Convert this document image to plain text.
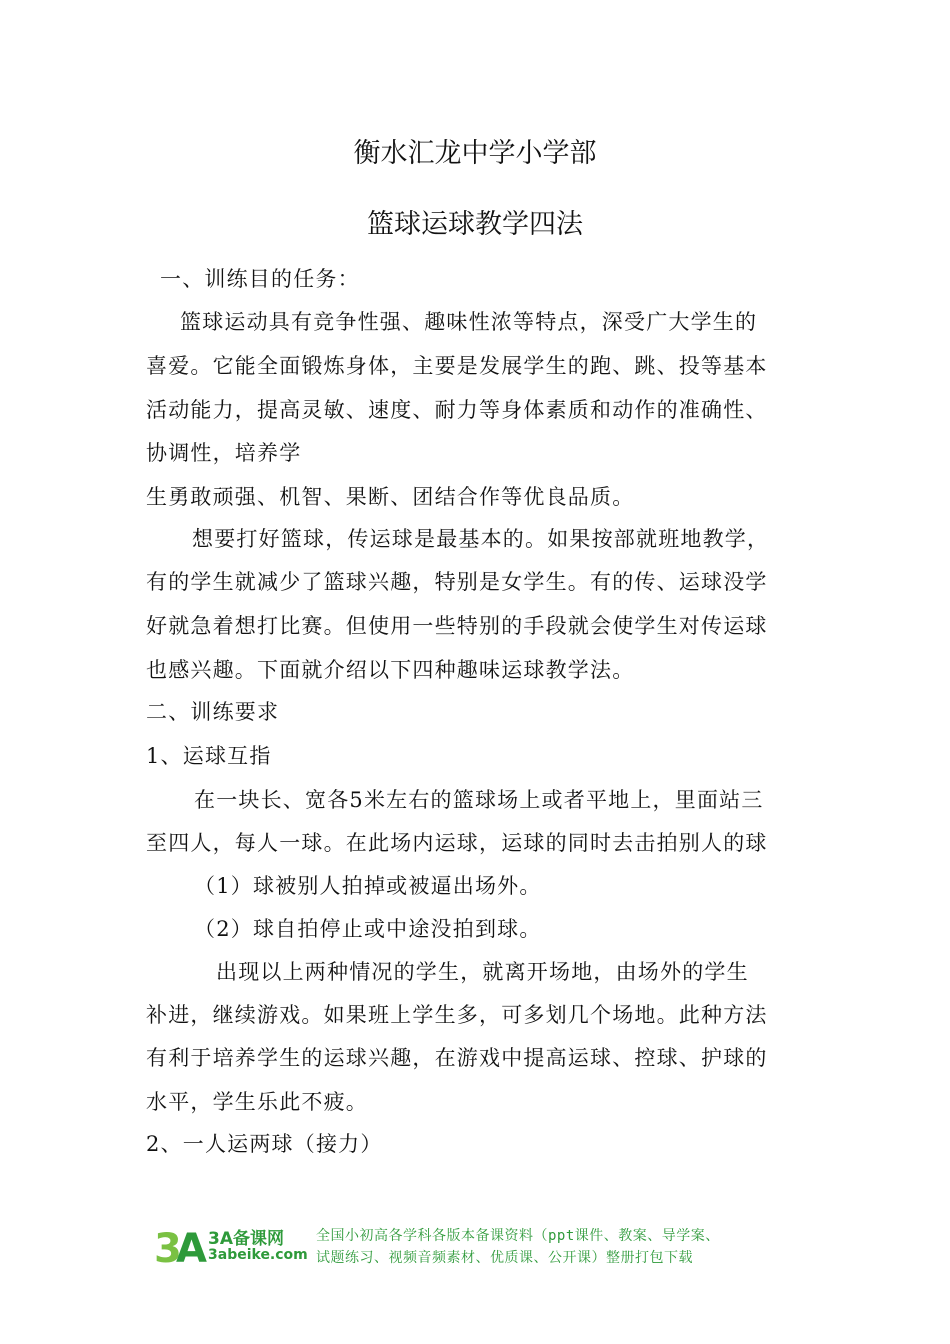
衡水汇龙中学小学部
篮球运球教学四法
一、训练目的任务：
篮球运动具有竞争性强、趣味性浓等特点，深受广大学生的
喜爱。它能全面锻炼身体，主要是发展学生的跑、跳、投等基本
活动能力，提高灵敏、速度、耐力等身体素质和动作的准确性、
协调性，培养学
生勇敢顽强、机智、果断、团结合作等优良品质。
想要打好篮球，传运球是最基本的。如果按部就班地教学，
有的学生就减少了篮球兴趣，特别是女学生。有的传、运球没学
好就急着想打比赛。但使用一些特别的手段就会使学生对传运球
也感兴趣。下面就介绍以下四种趣味运球教学法。
二、训练要求
1、运球互指
在一块长、宽各5米左右的篮球场上或者平地上，里面站三
至四人，每人一球。在此场内运球，运球的同时去击拍别人的球
（1）球被别人拍掉或被逼出场外。
（2）球自拍停止或中途没拍到球。
出现以上两种情况的学生，就离开场地，由场外的学生
补进，继续游戏。如果班上学生多，可多划几个场地。此种方法
有利于培养学生的运球兴趣，在游戏中提高运球、控球、护球的
水平，学生乐此不疲。
2、一人运两球（接力）
3
A 3A备课网
3abeike.com
全国小初高各学科各版本备课资料（ppt课件、教案、导学案、
试题练习、视频音频素材、优质课、公开课）整册打包下载
